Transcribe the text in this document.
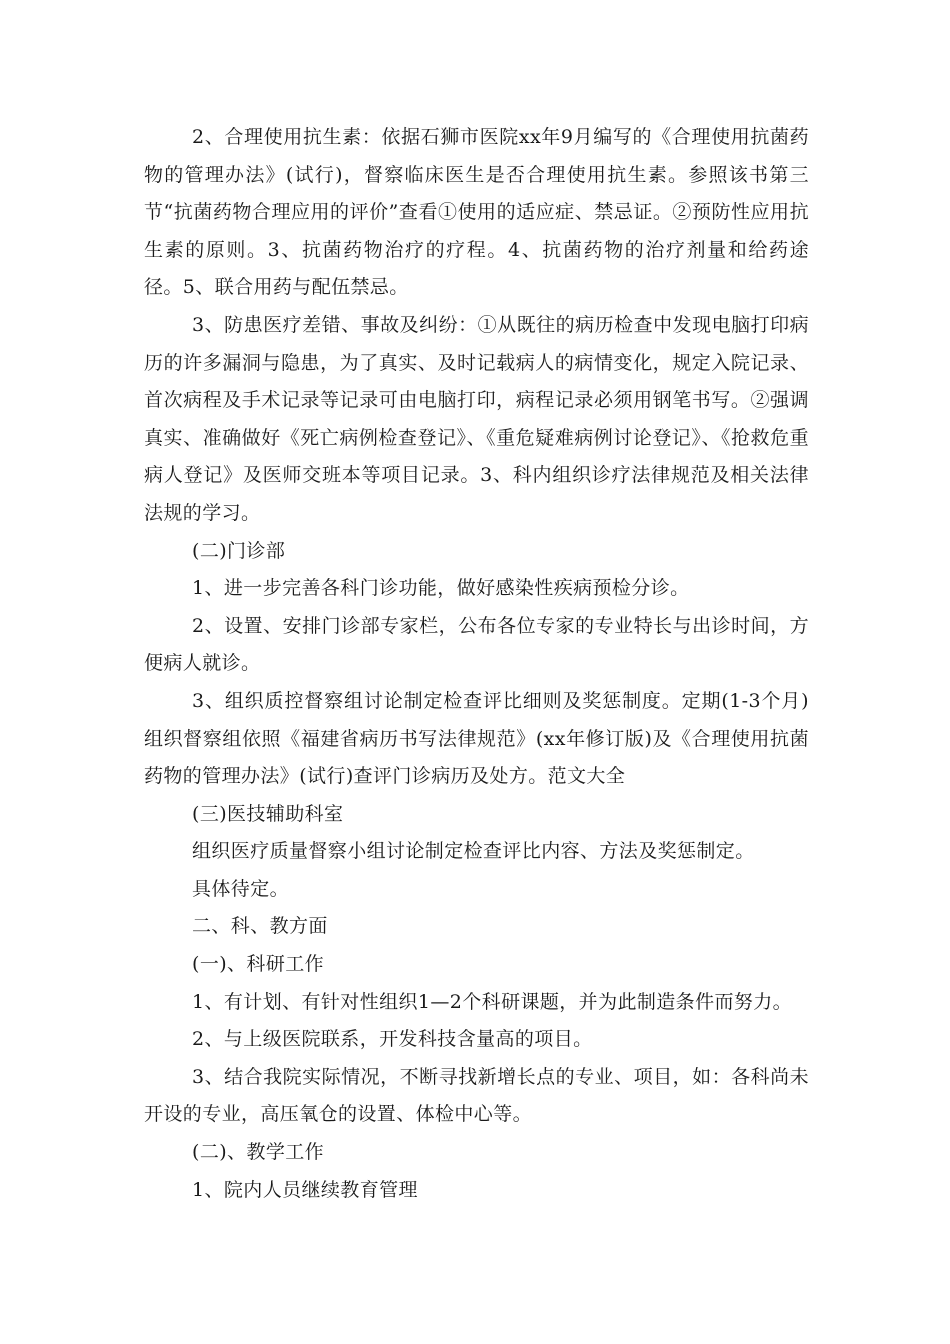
2、合理使用抗生素：依据石狮市医院xx年9月编写的《合理使用抗菌药物的管理办法》(试行)，督察临床医生是否合理使用抗生素。参照该书第三节“抗菌药物合理应用的评价”查看①使用的适应症、禁忌证。②预防性应用抗生素的原则。3、抗菌药物治疗的疗程。4、抗菌药物的治疗剂量和给药途径。5、联合用药与配伍禁忌。

3、防患医疗差错、事故及纠纷：①从既往的病历检查中发现电脑打印病历的许多漏洞与隐患，为了真实、及时记载病人的病情变化，规定入院记录、首次病程及手术记录等记录可由电脑打印，病程记录必须用钢笔书写。②强调真实、准确做好《死亡病例检查登记》、《重危疑难病例讨论登记》、《抢救危重病人登记》及医师交班本等项目记录。3、科内组织诊疗法律规范及相关法律法规的学习。

(二)门诊部

1、进一步完善各科门诊功能，做好感染性疾病预检分诊。

2、设置、安排门诊部专家栏，公布各位专家的专业特长与出诊时间，方便病人就诊。

3、组织质控督察组讨论制定检查评比细则及奖惩制度。定期(1-3个月)组织督察组依照《福建省病历书写法律规范》(xx年修订版)及《合理使用抗菌药物的管理办法》(试行)查评门诊病历及处方。范文大全

(三)医技辅助科室

组织医疗质量督察小组讨论制定检查评比内容、方法及奖惩制定。

具体待定。

二、科、教方面

(一)、科研工作

1、有计划、有针对性组织1—2个科研课题，并为此制造条件而努力。

2、与上级医院联系，开发科技含量高的项目。

3、结合我院实际情况，不断寻找新增长点的专业、项目，如：各科尚未开设的专业，高压氧仓的设置、体检中心等。

(二)、教学工作

1、院内人员继续教育管理
